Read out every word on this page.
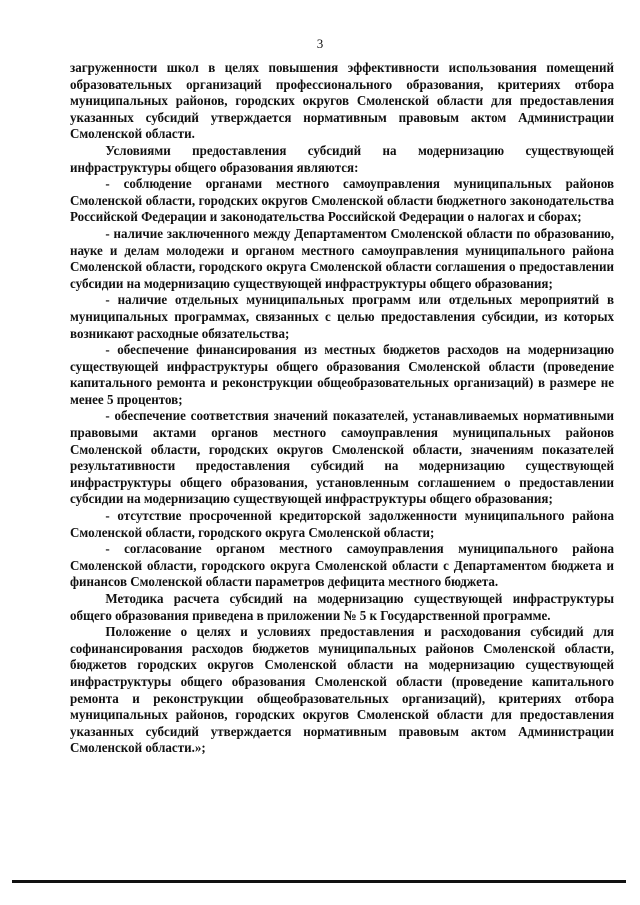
3

загруженности школ в целях повышения эффективности использования помещений образовательных организаций профессионального образования, критериях отбора муниципальных районов, городских округов Смоленской области для предоставления указанных субсидий утверждается нормативным правовым актом Администрации Смоленской области.

Условиями предоставления субсидий на модернизацию существующей инфраструктуры общего образования являются:

- соблюдение органами местного самоуправления муниципальных районов Смоленской области, городских округов Смоленской области бюджетного законодательства Российской Федерации и законодательства Российской Федерации о налогах и сборах;

- наличие заключенного между Департаментом Смоленской области по образованию, науке и делам молодежи и органом местного самоуправления муниципального района Смоленской области, городского округа Смоленской области соглашения о предоставлении субсидии на модернизацию существующей инфраструктуры общего образования;

- наличие отдельных муниципальных программ или отдельных мероприятий в муниципальных программах, связанных с целью предоставления субсидии, из которых возникают расходные обязательства;

- обеспечение финансирования из местных бюджетов расходов на модернизацию существующей инфраструктуры общего образования Смоленской области (проведение капитального ремонта и реконструкции общеобразовательных организаций) в размере не менее 5 процентов;

- обеспечение соответствия значений показателей, устанавливаемых нормативными правовыми актами органов местного самоуправления муниципальных районов Смоленской области, городских округов Смоленской области, значениям показателей результативности предоставления субсидий на модернизацию существующей инфраструктуры общего образования, установленным соглашением о предоставлении субсидии на модернизацию существующей инфраструктуры общего образования;

- отсутствие просроченной кредиторской задолженности муниципального района Смоленской области, городского округа Смоленской области;

- согласование органом местного самоуправления муниципального района Смоленской области, городского округа Смоленской области с Департаментом бюджета и финансов Смоленской области параметров дефицита местного бюджета.

Методика расчета субсидий на модернизацию существующей инфраструктуры общего образования приведена в приложении № 5 к Государственной программе.

Положение о целях и условиях предоставления и расходования субсидий для софинансирования расходов бюджетов муниципальных районов Смоленской области, бюджетов городских округов Смоленской области на модернизацию существующей инфраструктуры общего образования Смоленской области (проведение капитального ремонта и реконструкции общеобразовательных организаций), критериях отбора муниципальных районов, городских округов Смоленской области для предоставления указанных субсидий утверждается нормативным правовым актом Администрации Смоленской области.»;
